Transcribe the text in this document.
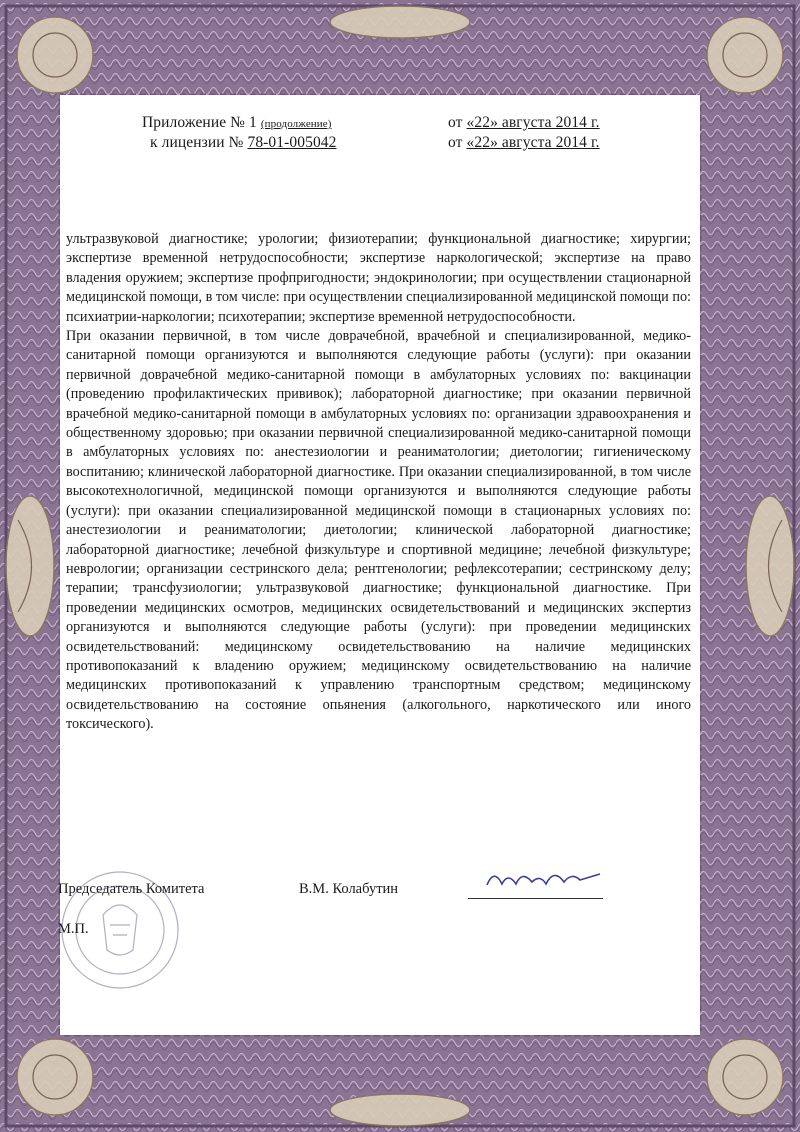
Приложение № 1 (продолжение)	от «22» августа 2014 г.
к лицензии № 78-01-005042	от «22» августа 2014 г.

ультразвуковой диагностике; урологии; физиотерапии; функциональной диагностике; хирургии; экспертизе временной нетрудоспособности; экспертизе наркологической; экспертизе на право владения оружием; экспертизе профпригодности; эндокринологии; при осуществлении стационарной медицинской помощи, в том числе: при осуществлении специализированной медицинской помощи по: психиатрии-наркологии; психотерапии; экспертизе временной нетрудоспособности.

При оказании первичной, в том числе доврачебной, врачебной и специализированной, медико-санитарной помощи организуются и выполняются следующие работы (услуги): при оказании первичной доврачебной медико-санитарной помощи в амбулаторных условиях по: вакцинации (проведению профилактических прививок); лабораторной диагностике; при оказании первичной врачебной медико-санитарной помощи в амбулаторных условиях по: организации здравоохранения и общественному здоровью; при оказании первичной специализированной медико-санитарной помощи в амбулаторных условиях по: анестезиологии и реаниматологии; диетологии; гигиеническому воспитанию; клинической лабораторной диагностике. При оказании специализированной, в том числе высокотехнологичной, медицинской помощи организуются и выполняются следующие работы (услуги): при оказании специализированной медицинской помощи в стационарных условиях по: анестезиологии и реаниматологии; диетологии; клинической лабораторной диагностике; лабораторной диагностике; лечебной физкультуре и спортивной медицине; лечебной физкультуре; неврологии; организации сестринского дела; рентгенологии; рефлексотерапии; сестринскому делу; терапии; трансфузиологии; ультразвуковой диагностике; функциональной диагностике. При проведении медицинских осмотров, медицинских освидетельствований и медицинских экспертиз организуются и выполняются следующие работы (услуги): при проведении медицинских освидетельствований: медицинскому освидетельствованию на наличие медицинских противопоказаний к владению оружием; медицинскому освидетельствованию на наличие медицинских противопоказаний к управлению транспортным средством; медицинскому освидетельствованию на состояние опьянения (алкогольного, наркотического или иного токсического).

Председатель Комитета	В.М. Колабутин
М.П.
